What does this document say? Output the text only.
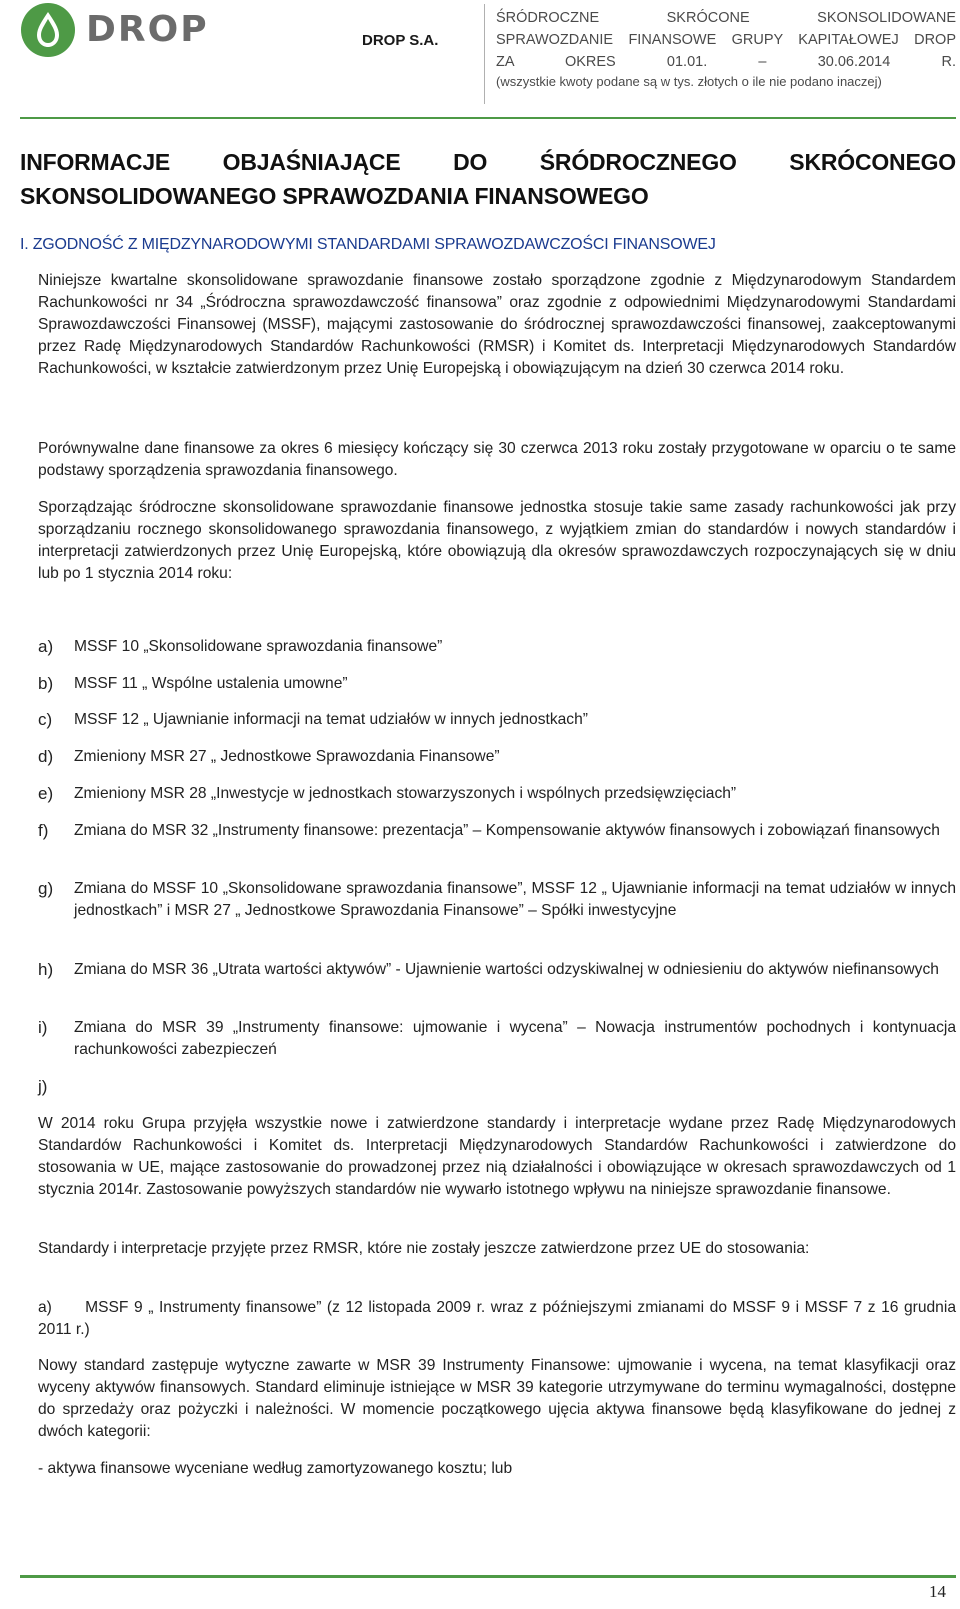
DROP	DROP S.A.
ŚRÓDROCZNE SKRÓCONE SKONSOLIDOWANE
SPRAWOZDANIE FINANSOWE GRUPY KAPITAŁOWEJ DROP
ZA OKRES 01.01. – 30.06.2014 R.
(wszystkie kwoty podane są w tys. złotych o ile nie podano inaczej)
INFORMACJE OBJAŚNIAJĄCE DO ŚRÓDROCZNEGO SKRÓCONEGO
SKONSOLIDOWANEGO SPRAWOZDANIA FINANSOWEGO
I. ZGODNOŚĆ Z MIĘDZYNARODOWYMI STANDARDAMI SPRAWOZDAWCZOŚCI FINANSOWEJ

Niniejsze kwartalne skonsolidowane sprawozdanie finansowe zostało sporządzone zgodnie z Międzynarodowym Standardem Rachunkowości nr 34 „Śródroczna sprawozdawczość finansowa” oraz zgodnie z odpowiednimi Międzynarodowymi Standardami Sprawozdawczości Finansowej (MSSF), mającymi zastosowanie do śródrocznej sprawozdawczości finansowej, zaakceptowanymi przez Radę Międzynarodowych Standardów Rachunkowości (RMSR) i Komitet ds. Interpretacji Międzynarodowych Standardów Rachunkowości, w kształcie zatwierdzonym przez Unię Europejską i obowiązującym na dzień 30 czerwca 2014 roku.

Porównywalne dane finansowe za okres 6 miesięcy kończący się 30 czerwca 2013 roku zostały przygotowane w oparciu o te same podstawy sporządzenia sprawozdania finansowego.

Sporządzając śródroczne skonsolidowane sprawozdanie finansowe jednostka stosuje takie same zasady rachunkowości jak przy sporządzaniu rocznego skonsolidowanego sprawozdania finansowego, z wyjątkiem zmian do standardów i nowych standardów i interpretacji zatwierdzonych przez Unię Europejską, które obowiązują dla okresów sprawozdawczych rozpoczynających się w dniu lub po 1 stycznia 2014 roku:

a) MSSF 10 „Skonsolidowane sprawozdania finansowe”
b) MSSF 11 „ Wspólne ustalenia umowne”
c) MSSF 12 „ Ujawnianie informacji na temat udziałów w innych jednostkach”
d) Zmieniony MSR 27 „ Jednostkowe Sprawozdania Finansowe”
e) Zmieniony MSR 28 „Inwestycje w jednostkach stowarzyszonych i wspólnych przedsięwzięciach”
f) Zmiana do MSR 32 „Instrumenty finansowe: prezentacja” – Kompensowanie aktywów finansowych i zobowiązań finansowych
g) Zmiana do MSSF 10 „Skonsolidowane sprawozdania finansowe”, MSSF 12 „ Ujawnianie informacji na temat udziałów w innych jednostkach” i MSR 27 „ Jednostkowe Sprawozdania Finansowe” – Spółki inwestycyjne
h) Zmiana do MSR 36 „Utrata wartości aktywów” - Ujawnienie wartości odzyskiwalnej w odniesieniu do aktywów niefinansowych
i) Zmiana do MSR 39 „Instrumenty finansowe: ujmowanie i wycena” – Nowacja instrumentów pochodnych i kontynuacja rachunkowości zabezpieczeń
j)

W 2014 roku Grupa przyjęła wszystkie nowe i zatwierdzone standardy i interpretacje wydane przez Radę Międzynarodowych Standardów Rachunkowości i Komitet ds. Interpretacji Międzynarodowych Standardów Rachunkowości i zatwierdzone do stosowania w UE, mające zastosowanie do prowadzonej przez nią działalności i obowiązujące w okresach sprawozdawczych od 1 stycznia 2014r. Zastosowanie powyższych standardów nie wywarło istotnego wpływu na niniejsze sprawozdanie finansowe.

Standardy i interpretacje przyjęte przez RMSR, które nie zostały jeszcze zatwierdzone przez UE do stosowania:

a)      MSSF 9 „ Instrumenty finansowe” (z 12 listopada 2009 r. wraz z późniejszymi zmianami do MSSF 9 i MSSF 7 z 16 grudnia 2011 r.)

Nowy standard zastępuje wytyczne zawarte w MSR 39 Instrumenty Finansowe: ujmowanie i wycena, na temat klasyfikacji oraz wyceny aktywów finansowych. Standard eliminuje istniejące w MSR 39 kategorie utrzymywane do terminu wymagalności, dostępne do sprzedaży oraz pożyczki i należności. W momencie początkowego ujęcia aktywa finansowe będą klasyfikowane do jednej z dwóch kategorii:

- aktywa finansowe wyceniane według zamortyzowanego kosztu; lub

14
